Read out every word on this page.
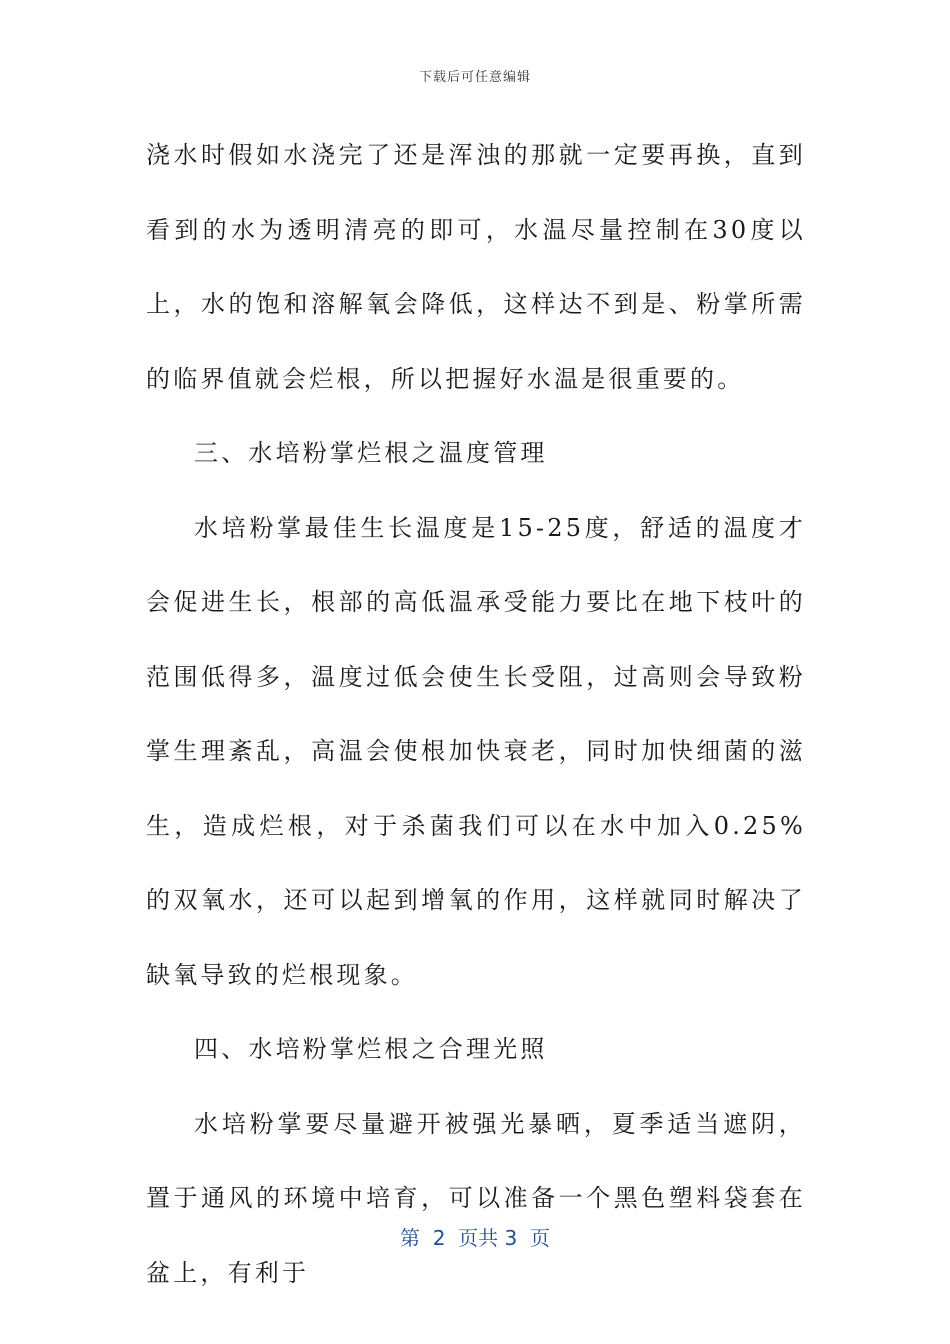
下载后可任意编辑

浇水时假如水浇完了还是浑浊的那就一定要再换，直到看到的水为透明清亮的即可，水温尽量控制在30度以上，水的饱和溶解氧会降低，这样达不到是、粉掌所需的临界值就会烂根，所以把握好水温是很重要的。

三、水培粉掌烂根之温度管理

水培粉掌最佳生长温度是15-25度，舒适的温度才会促进生长，根部的高低温承受能力要比在地下枝叶的范围低得多，温度过低会使生长受阻，过高则会导致粉掌生理紊乱，高温会使根加快衰老，同时加快细菌的滋生，造成烂根，对于杀菌我们可以在水中加入0.25%的双氧水，还可以起到增氧的作用，这样就同时解决了缺氧导致的烂根现象。

四、水培粉掌烂根之合理光照

水培粉掌要尽量避开被强光暴晒，夏季适当遮阴，置于通风的环境中培育，可以准备一个黑色塑料袋套在盆上，有利于

第  2  页共 3  页
